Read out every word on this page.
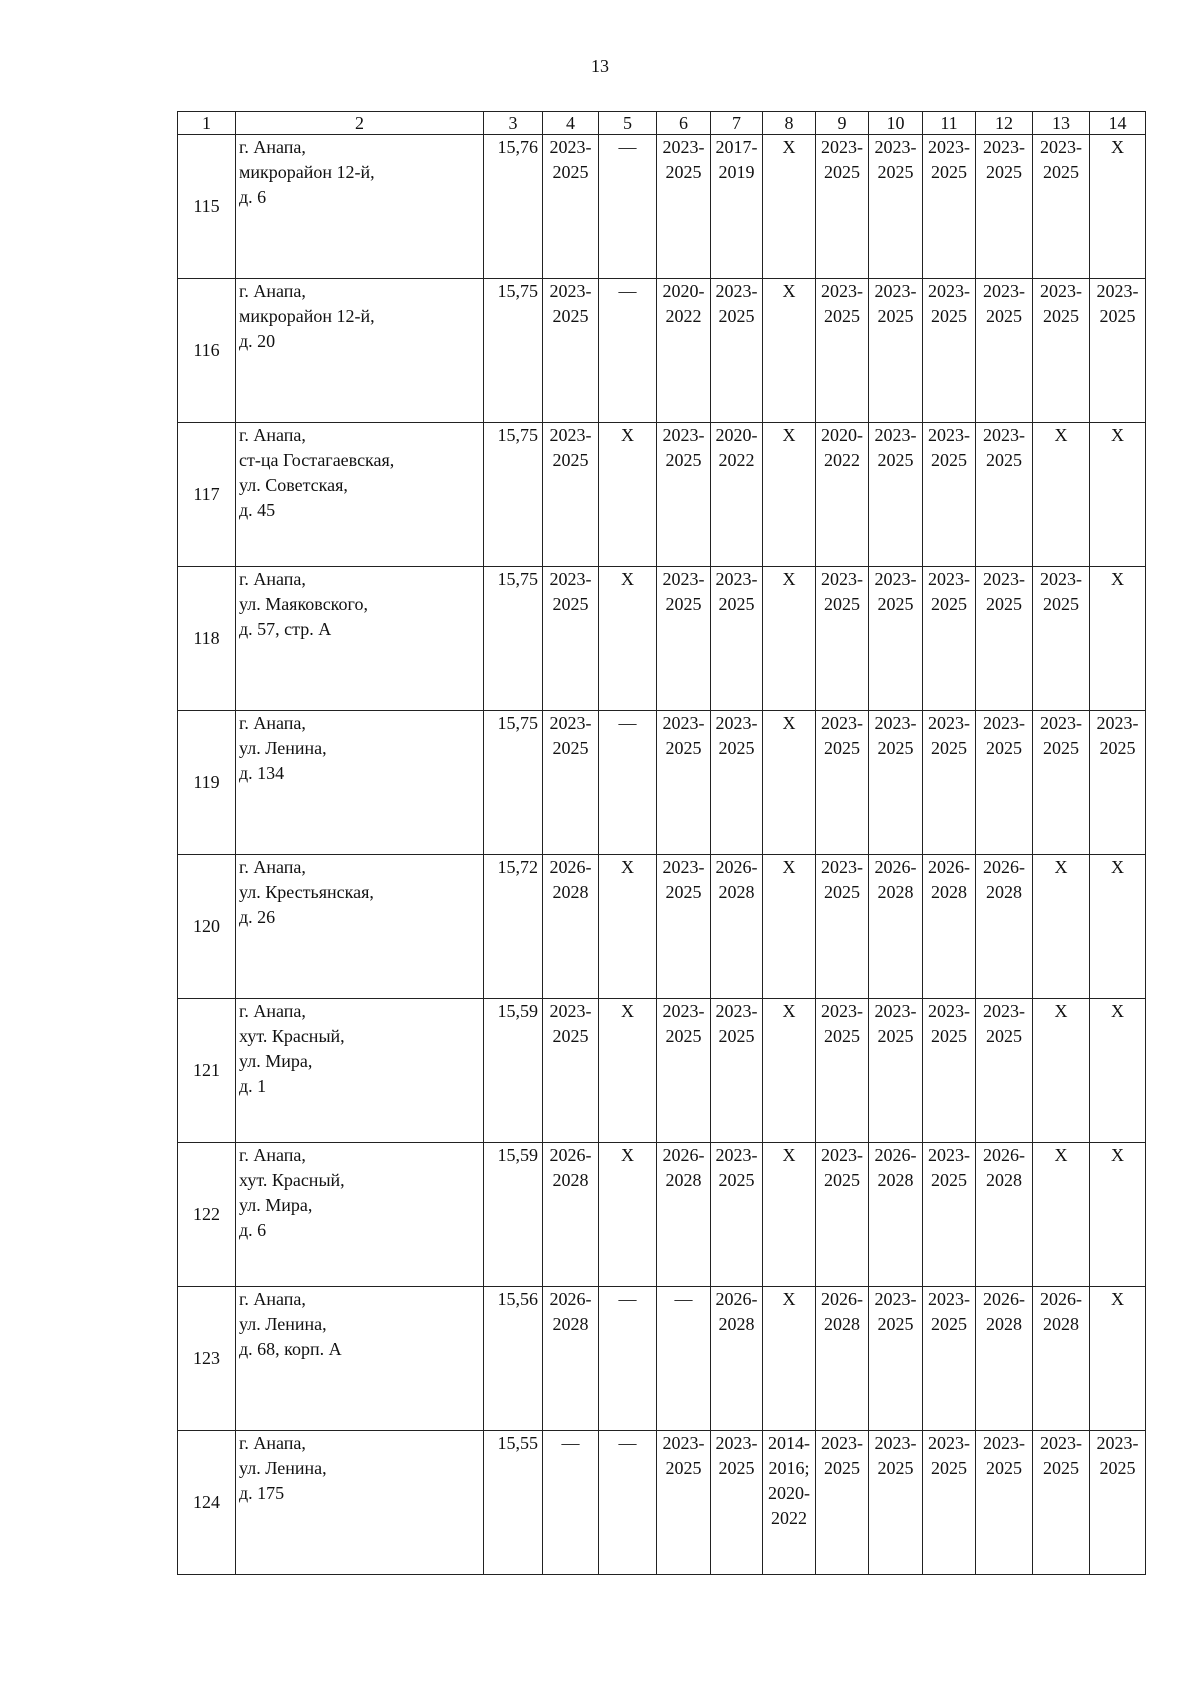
13
1	2	3	4	5	6	7	8	9	10	11	12	13	14
115	г. Анапа,
микрорайон 12-й,
д. 6	15,76	2023-
2025	—	2023-
2025	2017-
2019	Х	2023-
2025	2023-
2025	2023-
2025	2023-
2025	2023-
2025	Х

116	г. Анапа,
микрорайон 12-й,
д. 20	15,75	2023-
2025	—	2020-
2022	2023-
2025	Х	2023-
2025	2023-
2025	2023-
2025	2023-
2025	2023-
2025	2023-
2025

117	г. Анапа,
ст-ца Гостагаевская,
ул. Советская,
д. 45	15,75	2023-
2025	Х	2023-
2025	2020-
2022	Х	2020-
2022	2023-
2025	2023-
2025	2023-
2025	Х	Х

118	г. Анапа,
ул. Маяковского,
д. 57, стр. А	15,75	2023-
2025	Х	2023-
2025	2023-
2025	Х	2023-
2025	2023-
2025	2023-
2025	2023-
2025	2023-
2025	Х

119	г. Анапа,
ул. Ленина,
д. 134	15,75	2023-
2025	—	2023-
2025	2023-
2025	Х	2023-
2025	2023-
2025	2023-
2025	2023-
2025	2023-
2025	2023-
2025

120	г. Анапа,
ул. Крестьянская,
д. 26	15,72	2026-
2028	Х	2023-
2025	2026-
2028	Х	2023-
2025	2026-
2028	2026-
2028	2026-
2028	Х	Х

121	г. Анапа,
хут. Красный,
ул. Мира,
д. 1	15,59	2023-
2025	Х	2023-
2025	2023-
2025	Х	2023-
2025	2023-
2025	2023-
2025	2023-
2025	Х	Х

122	г. Анапа,
хут. Красный,
ул. Мира,
д. 6	15,59	2026-
2028	Х	2026-
2028	2023-
2025	Х	2023-
2025	2026-
2028	2023-
2025	2026-
2028	Х	Х

123	г. Анапа,
ул. Ленина,
д. 68, корп. А	15,56	2026-
2028	—	—	2026-
2028	Х	2026-
2028	2023-
2025	2023-
2025	2026-
2028	2026-
2028	Х

124	г. Анапа,
ул. Ленина,
д. 175	15,55	—	—	2023-
2025	2023-
2025	2014-
2016;
2020-
2022	2023-
2025	2023-
2025	2023-
2025	2023-
2025	2023-
2025	2023-
2025
